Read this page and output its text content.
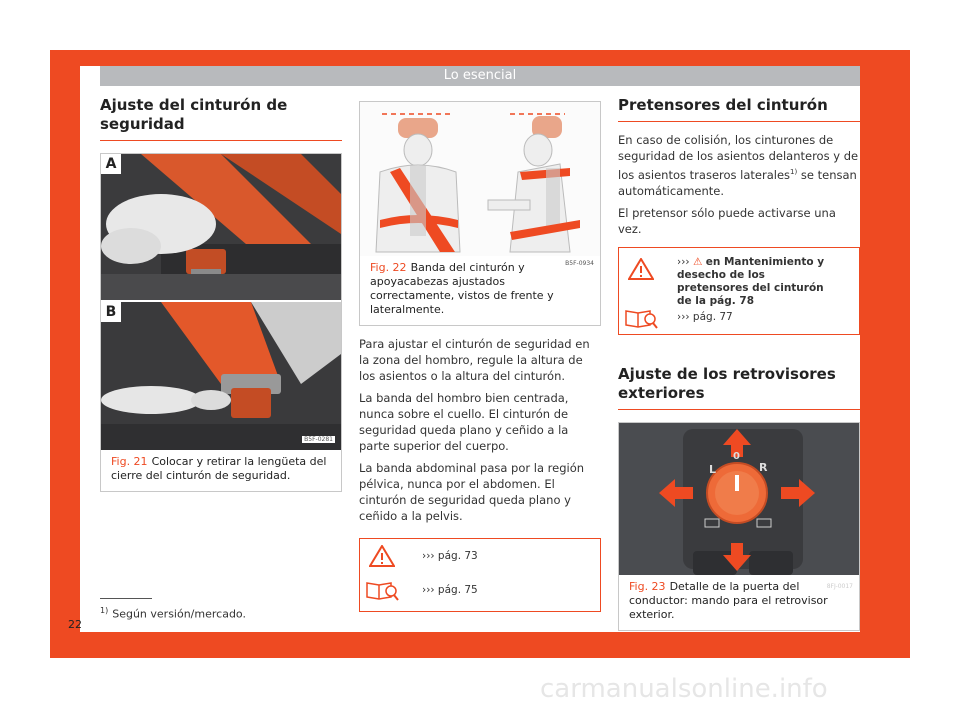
Lo esencial
Ajuste del cinturón de seguridad
A
B
B5F-0281
Fig. 21 Colocar y retirar la lengüeta del cierre del cinturón de seguridad.
B5F-0934
Fig. 22 Banda del cinturón y apoyacabezas ajustados correctamente, vistos de frente y lateralmente.

Para ajustar el cinturón de seguridad en la zona del hombro, regule la altura de los asientos o la altura del cinturón.

La banda del hombro bien centrada, nunca sobre el cuello. El cinturón de seguridad queda plano y ceñido a la parte superior del cuerpo.

La banda abdominal pasa por la región pélvica, nunca por el abdomen. El cinturón de seguridad queda plano y ceñido a la pelvis.

››› pág. 73
››› pág. 75
Pretensores del cinturón

En caso de colisión, los cinturones de seguridad de los asientos delanteros y de los asientos traseros laterales$^{1)}$ se tensan automáticamente.

El pretensor sólo puede activarse una vez.

››› ⚠ en Mantenimiento y desecho de los pretensores del cinturón de la pág. 78
››› pág. 77
Ajuste de los retrovisores exteriores
L
0
R
8FJ-0017
Fig. 23 Detalle de la puerta del conductor: mando para el retrovisor exterior.
$^{1)}$ Según versión/mercado.
22
carmanualsonline.info
